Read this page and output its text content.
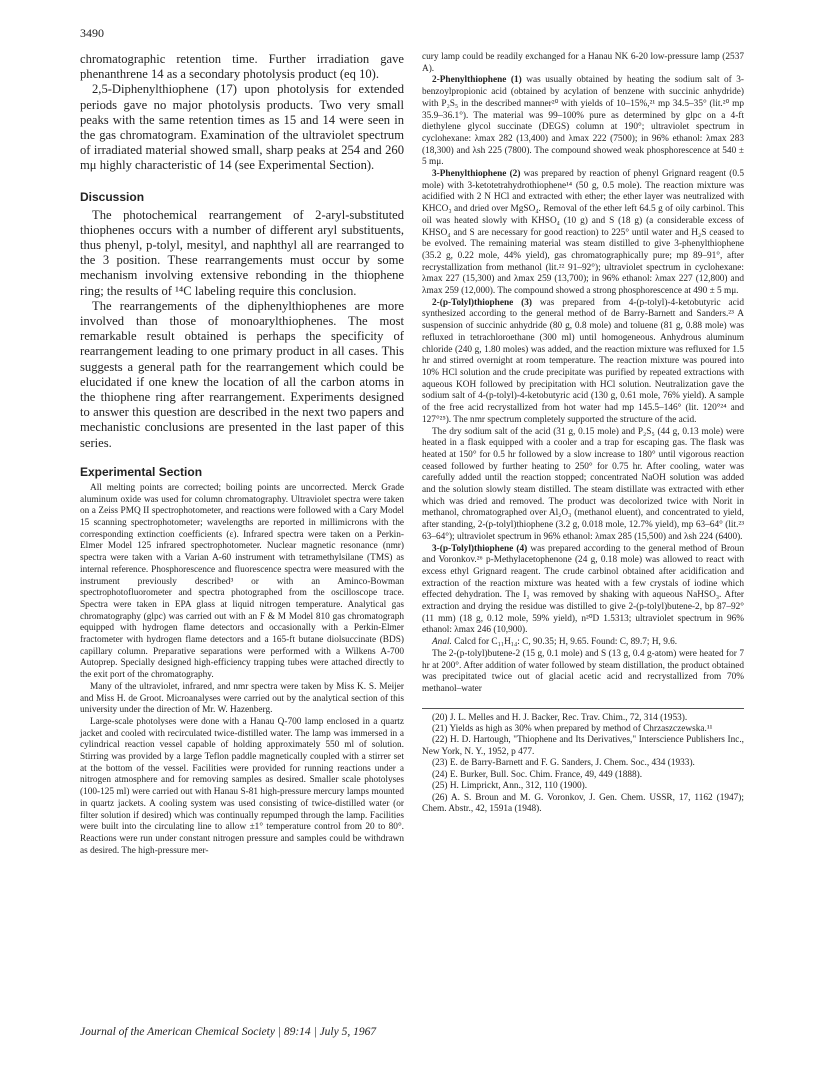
3490

chromatographic retention time. Further irradiation gave phenanthrene 14 as a secondary photolysis product (eq 10).

2,5-Diphenylthiophene (17) upon photolysis for extended periods gave no major photolysis products. Two very small peaks with the same retention times as 15 and 14 were seen in the gas chromatogram. Examination of the ultraviolet spectrum of irradiated material showed small, sharp peaks at 254 and 260 mμ highly characteristic of 14 (see Experimental Section).

Discussion

The photochemical rearrangement of 2-aryl-substituted thiophenes occurs with a number of different aryl substituents, thus phenyl, p-tolyl, mesityl, and naphthyl all are rearranged to the 3 position. These rearrangements must occur by some mechanism involving extensive rebonding in the thiophene ring; the results of ¹⁴C labeling require this conclusion.

The rearrangements of the diphenylthiophenes are more involved than those of monoarylthiophenes. The most remarkable result obtained is perhaps the specificity of rearrangement leading to one primary product in all cases. This suggests a general path for the rearrangement which could be elucidated if one knew the location of all the carbon atoms in the thiophene ring after rearrangement. Experiments designed to answer this question are described in the next two papers and mechanistic conclusions are presented in the last paper of this series.

Experimental Section

All melting points are corrected; boiling points are uncorrected. Merck Grade aluminum oxide was used for column chromatography. Ultraviolet spectra were taken on a Zeiss PMQ II spectrophotometer, and reactions were followed with a Cary Model 15 scanning spectrophotometer; wavelengths are reported in millimicrons with the corresponding extinction coefficients (ε). Infrared spectra were taken on a Perkin-Elmer Model 125 infrared spectrophotometer. Nuclear magnetic resonance (nmr) spectra were taken with a Varian A-60 instrument with tetramethylsilane (TMS) as internal reference. Phosphorescence and fluorescence spectra were measured with the instrument previously described³ or with an Aminco-Bowman spectrophotofluorometer and spectra photographed from the oscilloscope trace. Spectra were taken in EPA glass at liquid nitrogen temperature. Analytical gas chromatography (glpc) was carried out with an F & M Model 810 gas chromatograph equipped with hydrogen flame detectors and occasionally with a Perkin-Elmer fractometer with hydrogen flame detectors and a 165-ft butane diolsuccinate (BDS) capillary column. Preparative separations were performed with a Wilkens A-700 Autoprep. Specially designed high-efficiency trapping tubes were attached directly to the exit port of the chromatography.

Many of the ultraviolet, infrared, and nmr spectra were taken by Miss K. S. Meijer and Miss H. de Groot. Microanalyses were carried out by the analytical section of this university under the direction of Mr. W. Hazenberg.

Large-scale photolyses were done with a Hanau Q-700 lamp enclosed in a quartz jacket and cooled with recirculated twice-distilled water. The lamp was immersed in a cylindrical reaction vessel capable of holding approximately 550 ml of solution. Stirring was provided by a large Teflon paddle magnetically coupled with a stirrer set at the bottom of the vessel. Facilities were provided for running reactions under a nitrogen atmosphere and for removing samples as desired. Smaller scale photolyses (100-125 ml) were carried out with Hanau S-81 high-pressure mercury lamps mounted in quartz jackets. A cooling system was used consisting of twice-distilled water (or filter solution if desired) which was continually repumped through the lamp. Facilities were built into the circulating line to allow ±1° temperature control from 20 to 80°. Reactions were run under constant nitrogen pressure and samples could be withdrawn as desired. The high-pressure mer-

cury lamp could be readily exchanged for a Hanau NK 6-20 low-pressure lamp (2537 A).

2-Phenylthiophene (1) was usually obtained by heating the sodium salt of 3-benzoylpropionic acid (obtained by acylation of benzene with succinic anhydride) with P₂S₅ in the described manner²⁰ with yields of 10–15%,²¹ mp 34.5–35° (lit.²⁰ mp 35.9–36.1°). The material was 99–100% pure as determined by glpc on a 4-ft diethylene glycol succinate (DEGS) column at 190°; ultraviolet spectrum in cyclohexane: λmax 282 (13,400) and λmax 222 (7500); in 96% ethanol: λmax 283 (18,300) and λsh 225 (7800). The compound showed weak phosphorescence at 540 ± 5 mμ.

3-Phenylthiophene (2) was prepared by reaction of phenyl Grignard reagent (0.5 mole) with 3-ketotetrahydrothiophene¹⁴ (50 g, 0.5 mole). The reaction mixture was acidified with 2 N HCl and extracted with ether; the ether layer was neutralized with KHCO₃ and dried over MgSO₄. Removal of the ether left 64.5 g of oily carbinol. This oil was heated slowly with KHSO₄ (10 g) and S (18 g) (a considerable excess of KHSO₄ and S are necessary for good reaction) to 225° until water and H₂S ceased to be evolved. The remaining material was steam distilled to give 3-phenylthiophene (35.2 g, 0.22 mole, 44% yield), gas chromatographically pure; mp 89–91°, after recrystallization from methanol (lit.²² 91–92°); ultraviolet spectrum in cyclohexane: λmax 227 (15,300) and λmax 259 (13,700); in 96% ethanol: λmax 227 (12,800) and λmax 259 (12,000). The compound showed a strong phosphorescence at 490 ± 5 mμ.

2-(p-Tolyl)thiophene (3) was prepared from 4-(p-tolyl)-4-ketobutyric acid synthesized according to the general method of de Barry-Barnett and Sanders.²³ A suspension of succinic anhydride (80 g, 0.8 mole) and toluene (81 g, 0.88 mole) was refluxed in tetrachloroethane (300 ml) until homogeneous. Anhydrous aluminum chloride (240 g, 1.80 moles) was added, and the reaction mixture was refluxed for 1.5 hr and stirred overnight at room temperature. The reaction mixture was poured into 10% HCl solution and the crude precipitate was purified by repeated extractions with aqueous KOH followed by precipitation with HCl solution. Neutralization gave the sodium salt of 4-(p-tolyl)-4-ketobutyric acid (130 g, 0.61 mole, 76% yield). A sample of the free acid recrystallized from hot water had mp 145.5–146° (lit. 120°²⁴ and 127°²⁵). The nmr spectrum completely supported the structure of the acid.

The dry sodium salt of the acid (31 g, 0.15 mole) and P₂S₅ (44 g, 0.13 mole) were heated in a flask equipped with a cooler and a trap for escaping gas. The flask was heated at 150° for 0.5 hr followed by a slow increase to 180° until vigorous reaction ceased followed by further heating to 250° for 0.75 hr. After cooling, water was carefully added until the reaction stopped; concentrated NaOH solution was added and the solution slowly steam distilled. The steam distillate was extracted with ether which was dried and removed. The product was decolorized twice with Norit in methanol, chromatographed over Al₂O₃ (methanol eluent), and concentrated to yield, after standing, 2-(p-tolyl)thiophene (3.2 g, 0.018 mole, 12.7% yield), mp 63–64° (lit.²³ 63–64°); ultraviolet spectrum in 96% ethanol: λmax 285 (15,500) and λsh 224 (6400).

3-(p-Tolyl)thiophene (4) was prepared according to the general method of Broun and Voronkov.²⁶ p-Methylacetophenone (24 g, 0.18 mole) was allowed to react with excess ethyl Grignard reagent. The crude carbinol obtained after acidification and extraction of the reaction mixture was heated with a few crystals of iodine which effected dehydration. The I₂ was removed by shaking with aqueous NaHSO₃. After extraction and drying the residue was distilled to give 2-(p-tolyl)butene-2, bp 87–92° (11 mm) (18 g, 0.12 mole, 59% yield), n²⁰D 1.5313; ultraviolet spectrum in 96% ethanol: λmax 246 (10,900).

Anal. Calcd for C₁₁H₁₄: C, 90.35; H, 9.65. Found: C, 89.7; H, 9.6.

The 2-(p-tolyl)butene-2 (15 g, 0.1 mole) and S (13 g, 0.4 g-atom) were heated for 7 hr at 200°. After addition of water followed by steam distillation, the product obtained was precipitated twice out of glacial acetic acid and recrystallized from 70% methanol–water

(20) J. L. Melles and H. J. Backer, Rec. Trav. Chim., 72, 314 (1953).

(21) Yields as high as 30% when prepared by method of Chrzaszczewska.¹¹

(22) H. D. Hartough, "Thiophene and Its Derivatives," Interscience Publishers Inc., New York, N. Y., 1952, p 477.

(23) E. de Barry-Barnett and F. G. Sanders, J. Chem. Soc., 434 (1933).

(24) E. Burker, Bull. Soc. Chim. France, 49, 449 (1888).

(25) H. Limprickt, Ann., 312, 110 (1900).

(26) A. S. Broun and M. G. Voronkov, J. Gen. Chem. USSR, 17, 1162 (1947); Chem. Abstr., 42, 1591a (1948).

Journal of the American Chemical Society | 89:14 | July 5, 1967
